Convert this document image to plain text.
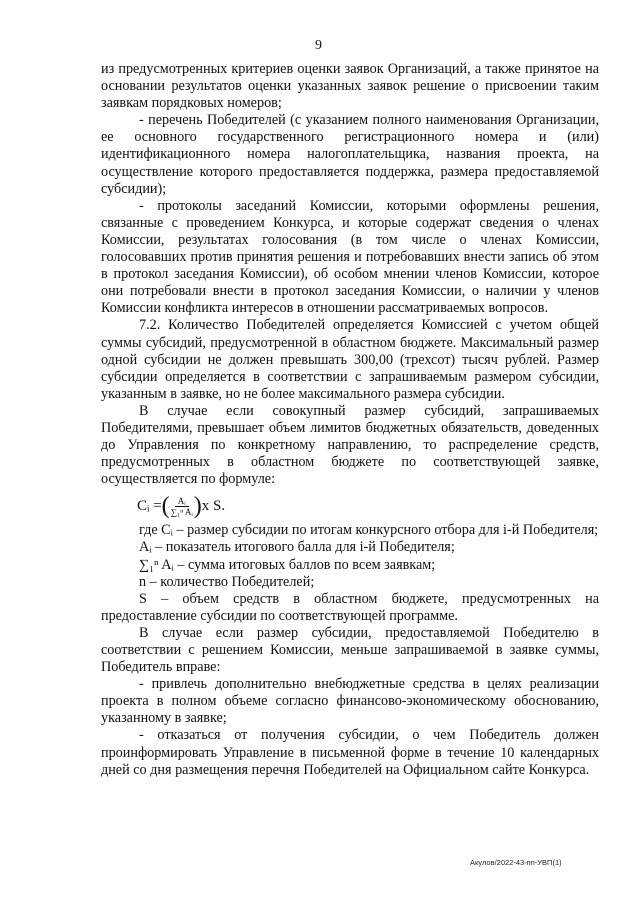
9

из предусмотренных критериев оценки заявок Организаций, а также принятое на основании результатов оценки указанных заявок решение о присвоении таким заявкам порядковых номеров;

- перечень Победителей (с указанием полного наименования Организации, ее основного государственного регистрационного номера и (или) идентификационного номера налогоплательщика, названия проекта, на осуществление которого предоставляется поддержка, размера предоставляемой субсидии);

- протоколы заседаний Комиссии, которыми оформлены решения, связанные с проведением Конкурса, и которые содержат сведения о членах Комиссии, результатах голосования (в том числе о членах Комиссии, голосовавших против принятия решения и потребовавших внести запись об этом в протокол заседания Комиссии), об особом мнении членов Комиссии, которое они потребовали внести в протокол заседания Комиссии, о наличии у членов Комиссии конфликта интересов в отношении рассматриваемых вопросов.

7.2. Количество Победителей определяется Комиссией с учетом общей суммы субсидий, предусмотренной в областном бюджете. Максимальный размер одной субсидии не должен превышать 300,00 (трехсот) тысяч рублей. Размер субсидии определяется в соответствии с запрашиваемым размером субсидии, указанным в заявке, но не более максимального размера субсидии.

В случае если совокупный размер субсидий, запрашиваемых Победителями, превышает объем лимитов бюджетных обязательств, доведенных до Управления по конкретному направлению, то распределение средств, предусмотренных в областном бюджете по соответствующей заявке, осуществляется по формуле:

Cᵢ = ( $\frac{\text{Aᵢ}}{\text{∑₁ⁿ Aᵢ}}$ ) x S.

где Cᵢ – размер субсидии по итогам конкурсного отбора для i-й Победителя;

Aᵢ – показатель итогового балла для i-й Победителя;

∑₁ⁿ Aᵢ – сумма итоговых баллов по всем заявкам;

n – количество Победителей;

S – объем средств в областном бюджете, предусмотренных на предоставление субсидии по соответствующей программе.

В случае если размер субсидии, предоставляемой Победителю в соответствии с решением Комиссии, меньше запрашиваемой в заявке суммы, Победитель вправе:

- привлечь дополнительно внебюджетные средства в целях реализации проекта в полном объеме согласно финансово-экономическому обоснованию, указанному в заявке;

- отказаться от получения субсидии, о чем Победитель должен проинформировать Управление в письменной форме в течение 10 календарных дней со дня размещения перечня Победителей на Официальном сайте Конкурса.

Акулов/2022-43-пп-УВП(1)
